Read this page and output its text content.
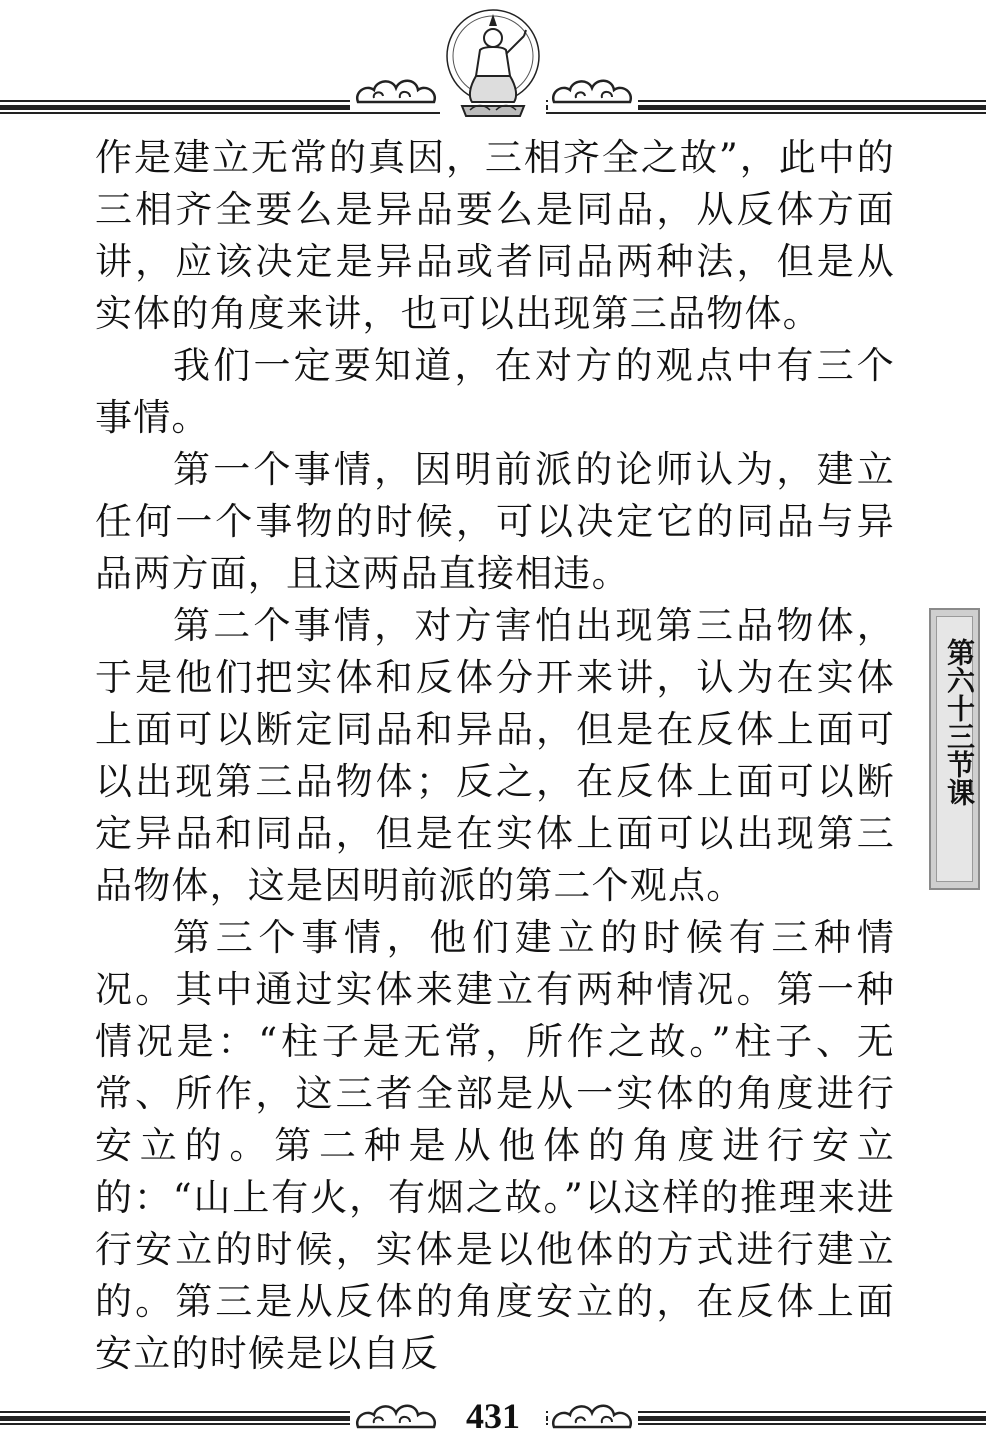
作是建立无常的真因，三相齐全之故”，此中的三相齐全要么是异品要么是同品，从反体方面讲，应该决定是异品或者同品两种法，但是从实体的角度来讲，也可以出现第三品物体。

我们一定要知道，在对方的观点中有三个事情。

第一个事情，因明前派的论师认为，建立任何一个事物的时候，可以决定它的同品与异品两方面，且这两品直接相违。

第二个事情，对方害怕出现第三品物体，于是他们把实体和反体分开来讲，认为在实体上面可以断定同品和异品，但是在反体上面可以出现第三品物体；反之，在反体上面可以断定异品和同品，但是在实体上面可以出现第三品物体，这是因明前派的第二个观点。

第三个事情，他们建立的时候有三种情况。其中通过实体来建立有两种情况。第一种情况是：“柱子是无常，所作之故。”柱子、无常、所作，这三者全部是从一实体的角度进行安立的。第二种是从他体的角度进行安立的：“山上有火，有烟之故。”以这样的推理来进行安立的时候，实体是以他体的方式进行建立的。第三是从反体的角度安立的，在反体上面安立的时候是以自反

第六十三节课
431
